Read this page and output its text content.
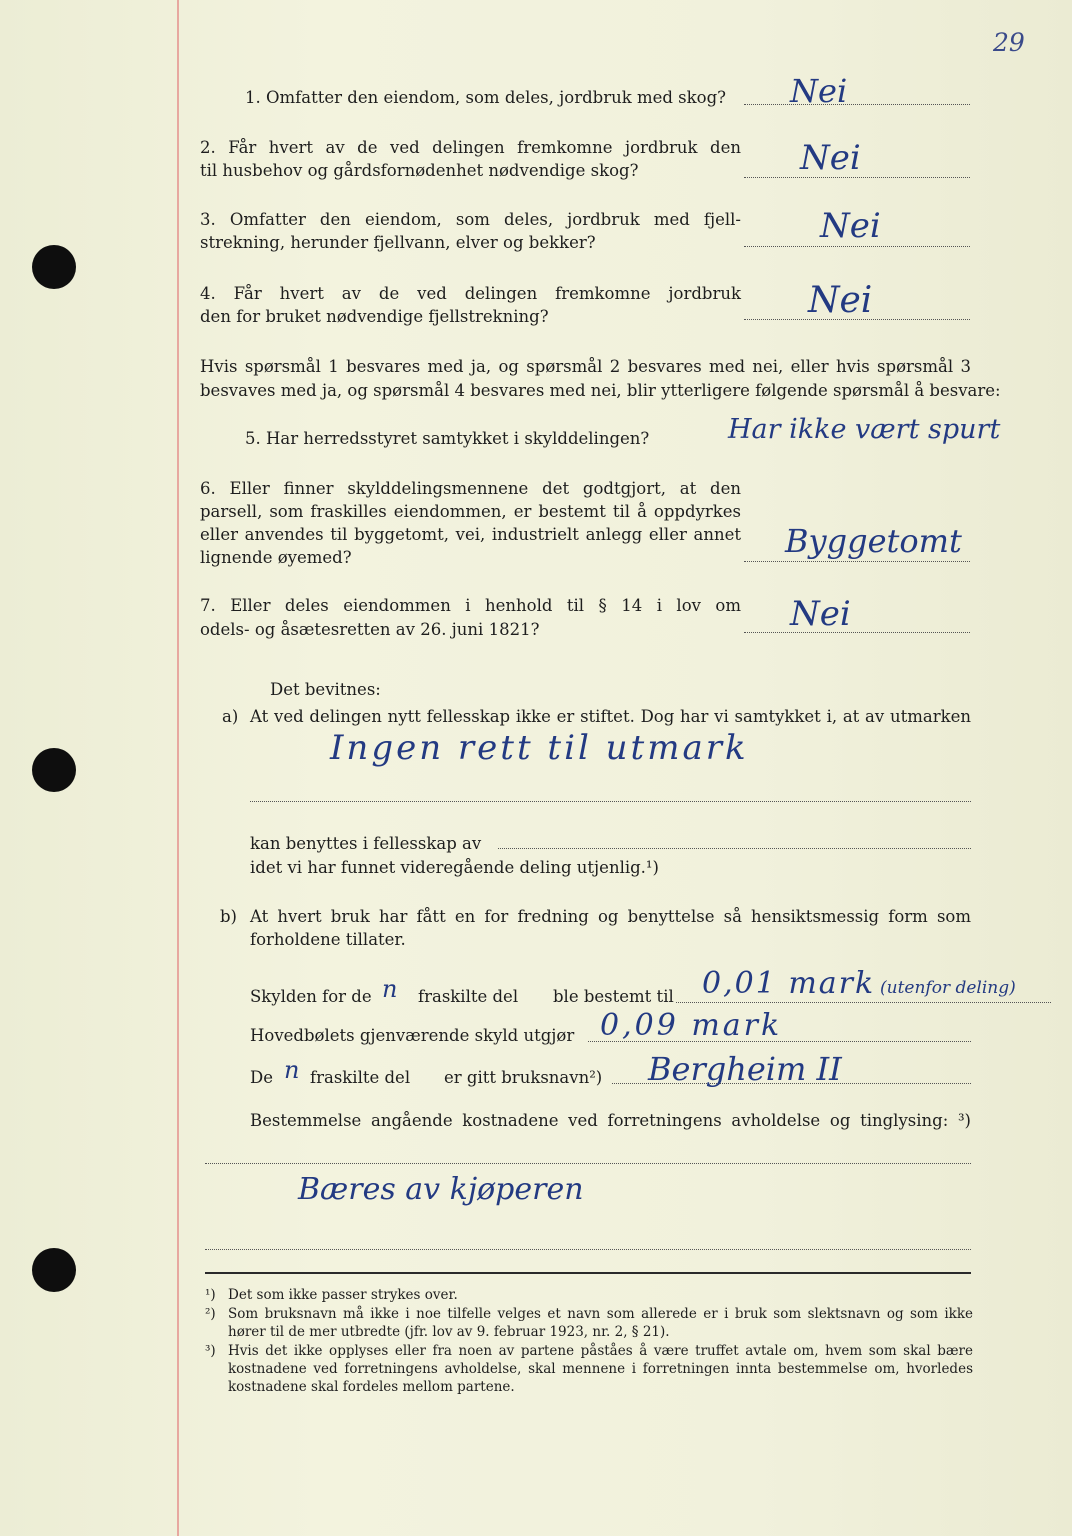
29
1. Omfatter den eiendom, som deles, jordbruk med skog? Nei
2. Får hvert av de ved delingen fremkomne jordbruk den
til husbehov og gårdsfornødenhet nødvendige skog?	Nei
3. Omfatter den eiendom, som deles, jordbruk med fjell-
strekning, herunder fjellvann, elver og bekker?	Nei
4. Får hvert av de ved delingen fremkomne jordbruk
den for bruket nødvendige fjellstrekning?	Nei
Hvis spørsmål 1 besvares med ja, og spørsmål 2 besvares med nei, eller hvis spørsmål 3
besvaves med ja, og spørsmål 4 besvares med nei, blir ytterligere følgende spørsmål å besvare:
5. Har herredsstyret samtykket i skylddelingen?	Har ikke vært spurt
6. Eller finner skylddelingsmennene det godtgjort, at den
parsell, som fraskilles eiendommen, er bestemt til å oppdyrkes
eller anvendes til byggetomt, vei, industrielt anlegg eller annet
lignende øyemed?	Byggetomt
7. Eller deles eiendommen i henhold til § 14 i lov om
odels- og åsætesretten av 26. juni 1821?	Nei
Det bevitnes:
a) At ved delingen nytt fellesskap ikke er stiftet. Dog har vi samtykket i, at av utmarken
Ingen rett til utmark
kan benyttes i fellesskap av
idet vi har funnet videregående deling utjenlig.¹)
b) At hvert bruk har fått en for fredning og benyttelse så hensiktsmessig form som
forholdene tillater.
Skylden for de n fraskilte del ble bestemt til 0,01 mark (utenfor deling)
Hovedbølets gjenværende skyld utgjør 0,09 mark
De n fraskilte del er gitt bruksnavn²) Bergheim II
Bestemmelse angående kostnadene ved forretningens avholdelse og tinglysing: ³)
Bæres av kjøperen
¹) Det som ikke passer strykes over.
²) Som bruksnavn må ikke i noe tilfelle velges et navn som allerede er i bruk som slektsnavn og som ikke
hører til de mer utbredte (jfr. lov av 9. februar 1923, nr. 2, § 21).
³) Hvis det ikke opplyses eller fra noen av partene påståes å være truffet avtale om, hvem som skal bære
kostnadene ved forretningens avholdelse, skal mennene i forretningen innta bestemmelse om, hvorledes
kostnadene skal fordeles mellom partene.
